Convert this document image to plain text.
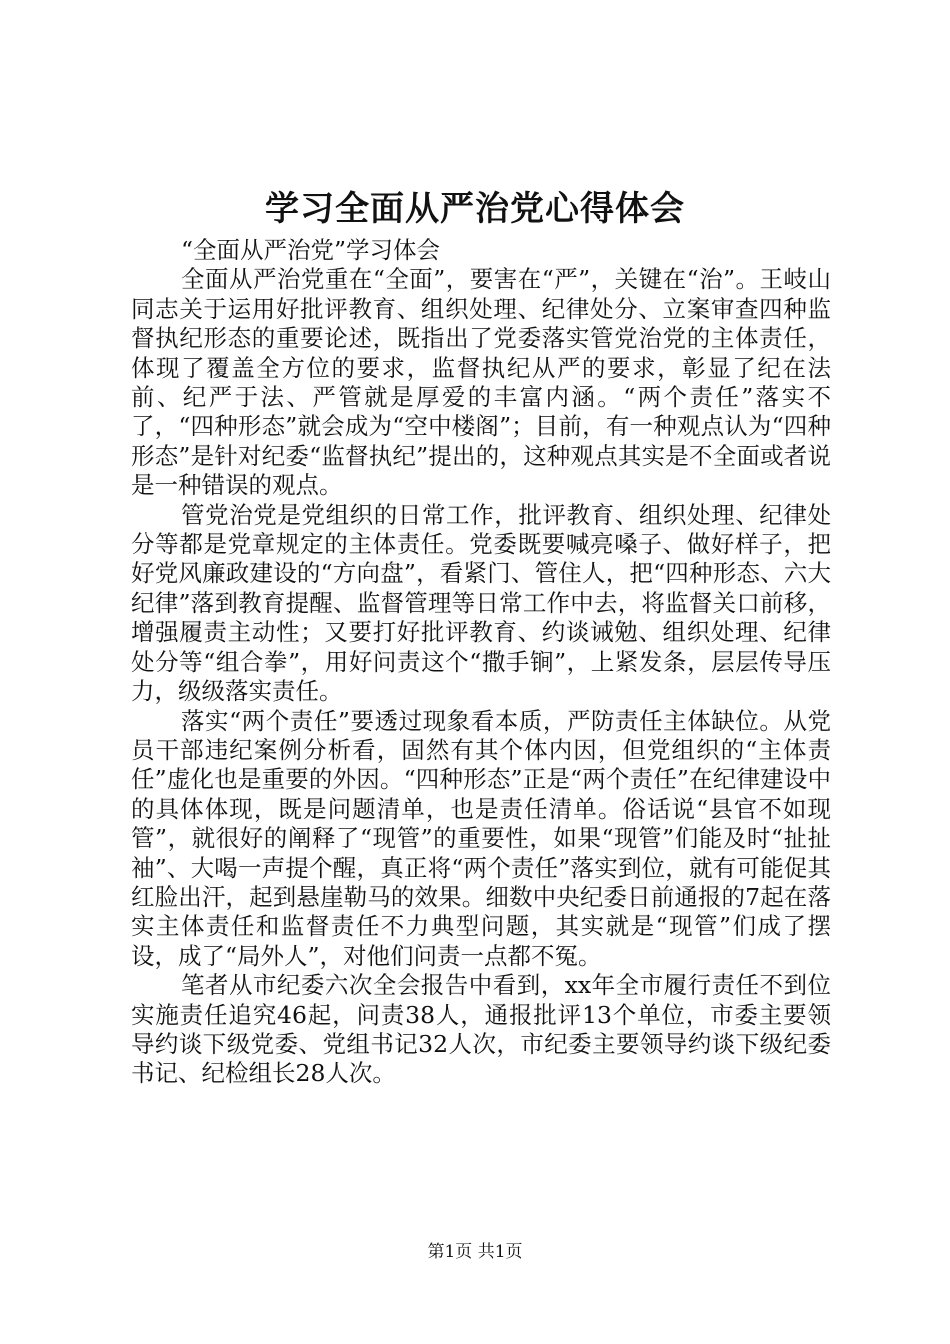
学习全面从严治党心得体会

“全面从严治党”学习体会

全面从严治党重在“全面”，要害在“严”，关键在“治”。王岐山同志关于运用好批评教育、组织处理、纪律处分、立案审查四种监督执纪形态的重要论述，既指出了党委落实管党治党的主体责任，体现了覆盖全方位的要求，监督执纪从严的要求，彰显了纪在法前、纪严于法、严管就是厚爱的丰富内涵。“两个责任”落实不了，“四种形态”就会成为“空中楼阁”；目前，有一种观点认为“四种形态”是针对纪委“监督执纪”提出的，这种观点其实是不全面或者说是一种错误的观点。

管党治党是党组织的日常工作，批评教育、组织处理、纪律处分等都是党章规定的主体责任。党委既要喊亮嗓子、做好样子，把好党风廉政建设的“方向盘”，看紧门、管住人，把“四种形态、六大纪律”落到教育提醒、监督管理等日常工作中去，将监督关口前移，增强履责主动性；又要打好批评教育、约谈诫勉、组织处理、纪律处分等“组合拳”，用好问责这个“撒手锏”，上紧发条，层层传导压力，级级落实责任。

落实“两个责任”要透过现象看本质，严防责任主体缺位。从党员干部违纪案例分析看，固然有其个体内因，但党组织的“主体责任”虚化也是重要的外因。“四种形态”正是“两个责任”在纪律建设中的具体体现，既是问题清单，也是责任清单。俗话说“县官不如现管”，就很好的阐释了“现管”的重要性，如果“现管”们能及时“扯扯袖”、大喝一声提个醒，真正将“两个责任”落实到位，就有可能促其红脸出汗，起到悬崖勒马的效果。细数中央纪委日前通报的7起在落实主体责任和监督责任不力典型问题，其实就是“现管”们成了摆设，成了“局外人”，对他们问责一点都不冤。

笔者从市纪委六次全会报告中看到，xx年全市履行责任不到位实施责任追究46起，问责38人，通报批评13个单位，市委主要领导约谈下级党委、党组书记32人次，市纪委主要领导约谈下级纪委书记、纪检组长28人次。

第1页 共1页
